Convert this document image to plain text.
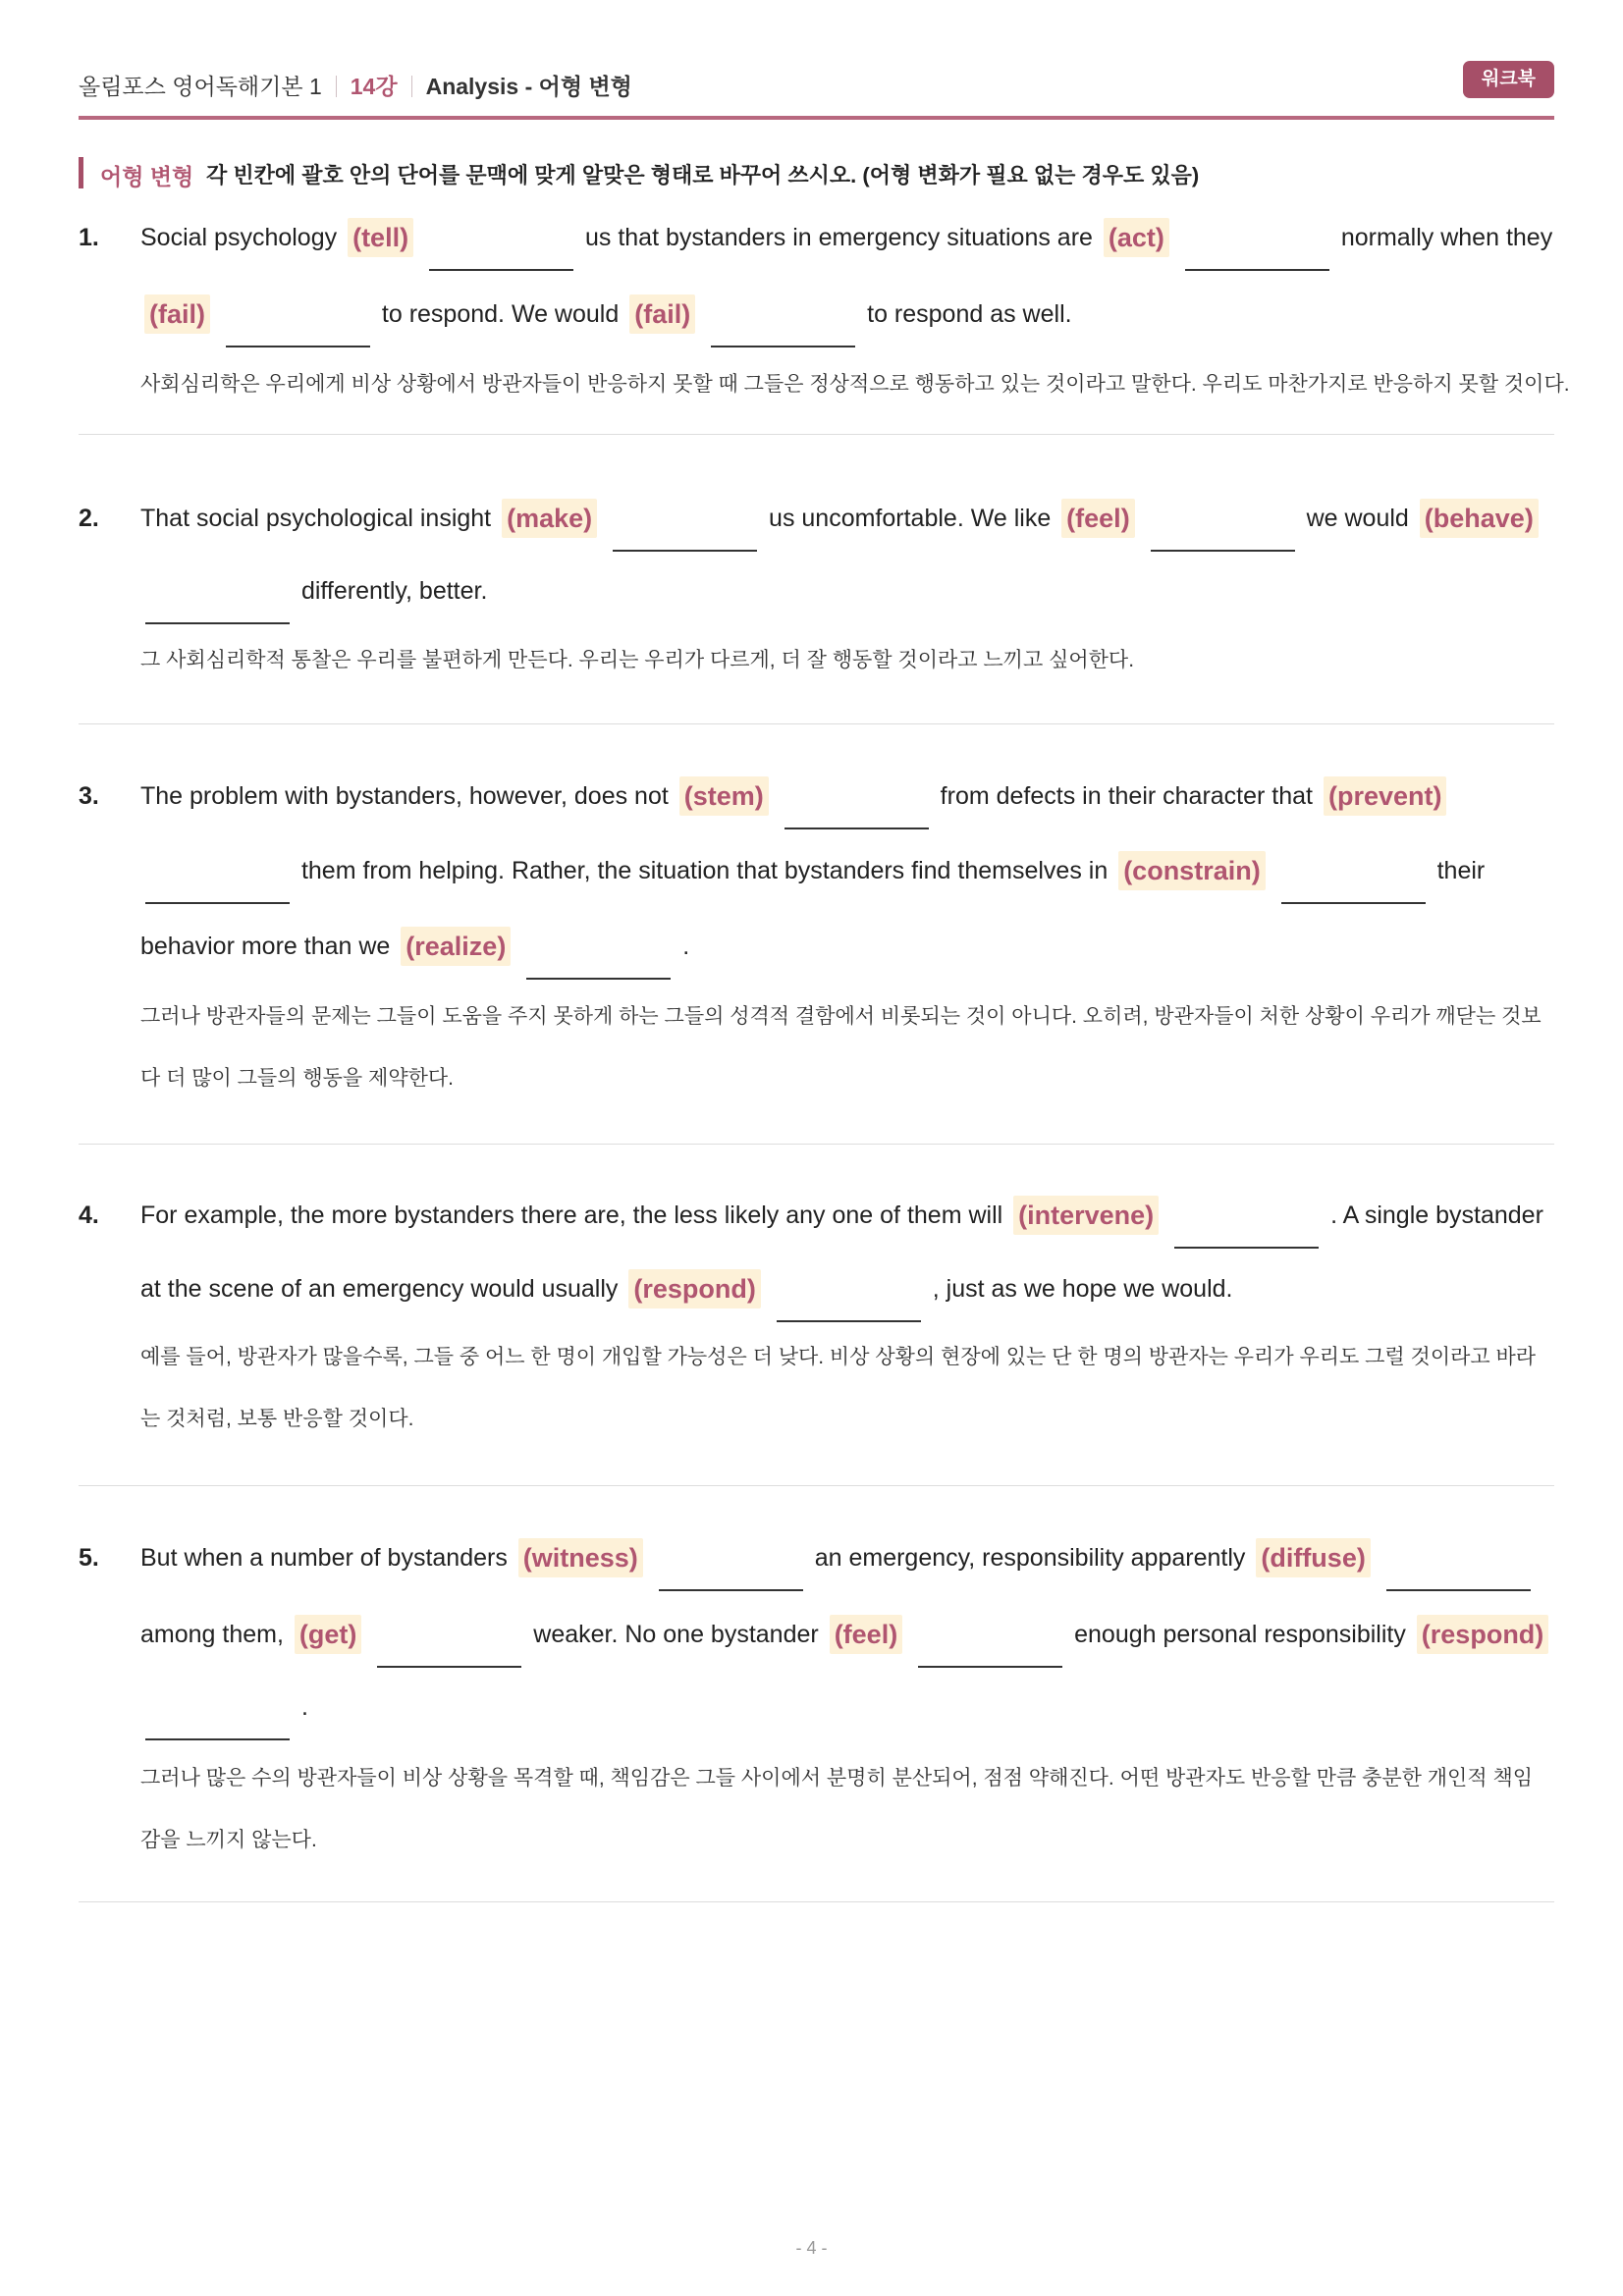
올림포스 영어독해기본 1 14강 Analysis - 어형 변형	워크북
어형 변형 각 빈칸에 괄호 안의 단어를 문맥에 맞게 알맞은 형태로 바꾸어 쓰시오. (어형 변화가 필요 없는 경우도 있음)
1. Social psychology (tell)	us that bystanders in emergency situations are (act)	normally when they
(fail)	to respond. We would (fail)	to respond as well.
사회심리학은 우리에게 비상 상황에서 방관자들이 반응하지 못할 때 그들은 정상적으로 행동하고 있는 것이라고 말한다. 우리도 마찬가지로 반응하지 못할 것이다.
2. That social psychological insight (make)	us uncomfortable. We like (feel)	we would (behave)
differently, better.
그 사회심리학적 통찰은 우리를 불편하게 만든다. 우리는 우리가 다르게, 더 잘 행동할 것이라고 느끼고 싶어한다.
3. The problem with bystanders, however, does not (stem)	from defects in their character that (prevent)
them from helping. Rather, the situation that bystanders find themselves in (constrain)	their
behavior more than we (realize)	.
그러나 방관자들의 문제는 그들이 도움을 주지 못하게 하는 그들의 성격적 결함에서 비롯되는 것이 아니다. 오히려, 방관자들이 처한 상황이 우리가 깨닫는 것보
다 더 많이 그들의 행동을 제약한다.
4. For example, the more bystanders there are, the less likely any one of them will (intervene)	. A single bystander
at the scene of an emergency would usually (respond)	, just as we hope we would.
예를 들어, 방관자가 많을수록, 그들 중 어느 한 명이 개입할 가능성은 더 낮다. 비상 상황의 현장에 있는 단 한 명의 방관자는 우리가 우리도 그럴 것이라고 바라
는 것처럼, 보통 반응할 것이다.
5. But when a number of bystanders (witness)	an emergency, responsibility apparently (diffuse)
among them, (get)	weaker. No one bystander (feel)	enough personal responsibility (respond)
.
그러나 많은 수의 방관자들이 비상 상황을 목격할 때, 책임감은 그들 사이에서 분명히 분산되어, 점점 약해진다. 어떤 방관자도 반응할 만큼 충분한 개인적 책임
감을 느끼지 않는다.
- 4 -
